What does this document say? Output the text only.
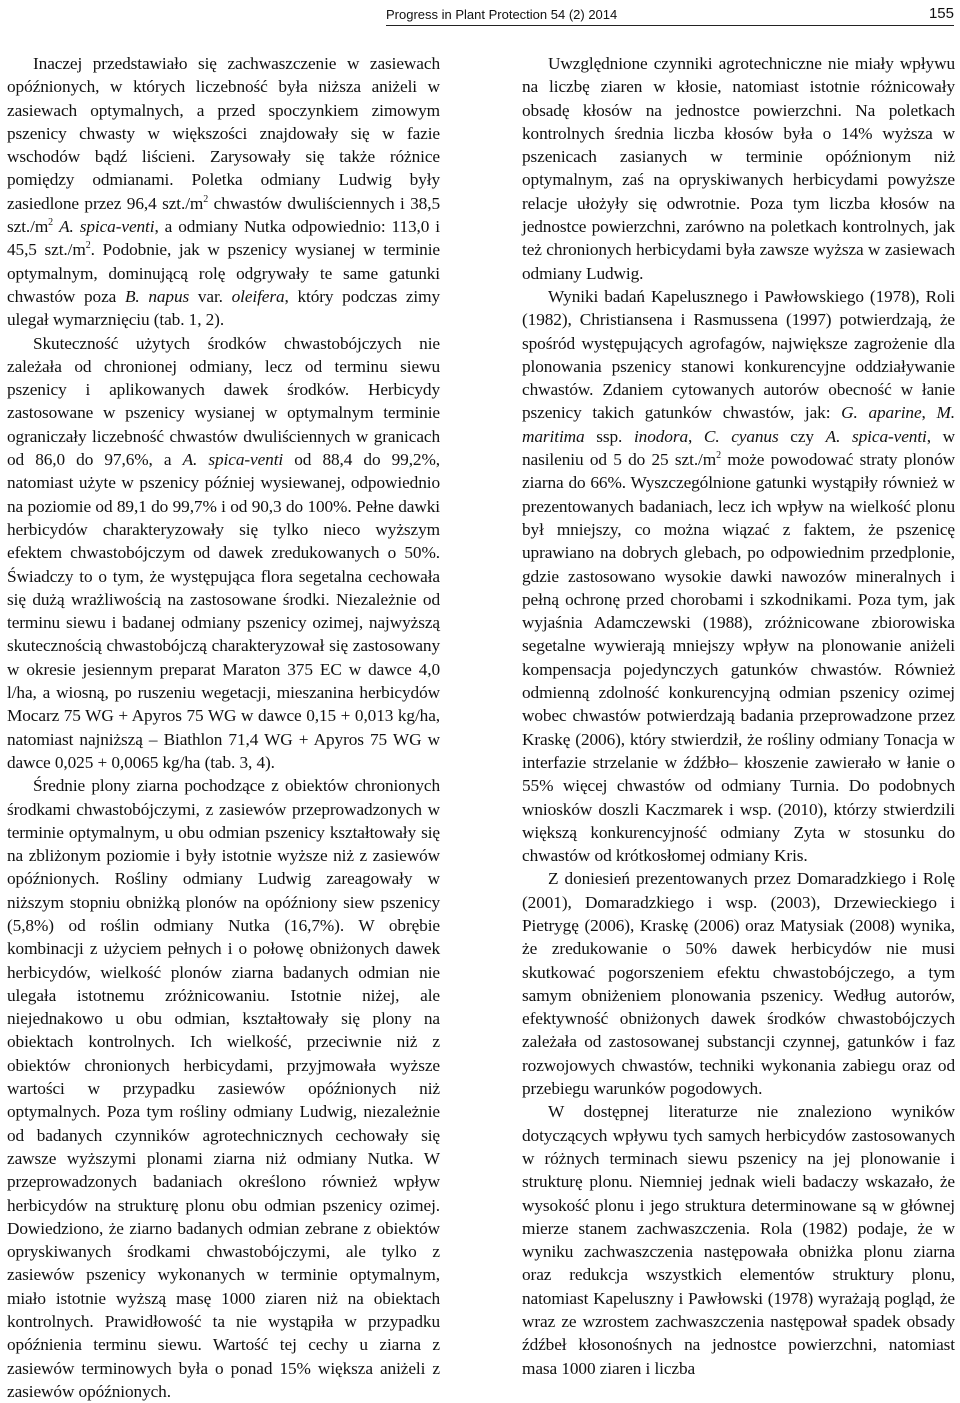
Progress in Plant Protection 54 (2) 2014	155

Inaczej przedstawiało się zachwaszczenie w zasiewach opóźnionych, w których liczebność była niższa aniżeli w zasiewach optymalnych, a przed spoczynkiem zimowym pszenicy chwasty w większości znajdowały się w fazie wschodów bądź liścieni. Zarysowały się także różnice pomiędzy odmianami. Poletka odmiany Ludwig były zasiedlone przez 96,4 $szt./m^2$ chwastów dwuliściennych i 38,5 $szt./m^2$ A. spica-venti, a odmiany Nutka odpowiednio: 113,0 i 45,5 $szt./m^2$. Podobnie, jak w pszenicy wysianej w terminie optymalnym, dominującą rolę odgrywały te same gatunki chwastów poza B. napus var. oleifera, który podczas zimy ulegał wymarznięciu (tab. 1, 2).

Skuteczność użytych środków chwastobójczych nie zależała od chronionej odmiany, lecz od terminu siewu pszenicy i aplikowanych dawek środków. Herbicydy zastosowane w pszenicy wysianej w optymalnym terminie ograniczały liczebność chwastów dwuliściennych w granicach od 86,0 do 97,6%, a A. spica-venti od 88,4 do 99,2%, natomiast użyte w pszenicy później wysiewanej, odpowiednio na poziomie od 89,1 do 99,7% i od 90,3 do 100%. Pełne dawki herbicydów charakteryzowały się tylko nieco wyższym efektem chwastobójczym od dawek zredukowanych o 50%. Świadczy to o tym, że występująca flora segetalna cechowała się dużą wrażliwością na zastosowane środki. Niezależnie od terminu siewu i badanej odmiany pszenicy ozimej, najwyższą skutecznością chwastobójczą charakteryzował się zastosowany w okresie jesiennym preparat Maraton 375 EC w dawce 4,0 l/ha, a wiosną, po ruszeniu wegetacji, mieszanina herbicydów Mocarz 75 WG + Apyros 75 WG w dawce 0,15 + 0,013 kg/ha, natomiast najniższą – Biathlon 71,4 WG + Apyros 75 WG w dawce 0,025 + 0,0065 kg/ha (tab. 3, 4).

Średnie plony ziarna pochodzące z obiektów chronionych środkami chwastobójczymi, z zasiewów przeprowadzonych w terminie optymalnym, u obu odmian pszenicy kształtowały się na zbliżonym poziomie i były istotnie wyższe niż z zasiewów opóźnionych. Rośliny odmiany Ludwig zareagowały w niższym stopniu obniżką plonów na opóźniony siew pszenicy (5,8%) od roślin odmiany Nutka (16,7%). W obrębie kombinacji z użyciem pełnych i o połowę obniżonych dawek herbicydów, wielkość plonów ziarna badanych odmian nie ulegała istotnemu zróżnicowaniu. Istotnie niżej, ale niejednakowo u obu odmian, kształtowały się plony na obiektach kontrolnych. Ich wielkość, przeciwnie niż z obiektów chronionych herbicydami, przyjmowała wyższe wartości w przypadku zasiewów opóźnionych niż optymalnych. Poza tym rośliny odmiany Ludwig, niezależnie od badanych czynników agrotechnicznych cechowały się zawsze wyższymi plonami ziarna niż odmiany Nutka. W przeprowadzonych badaniach określono również wpływ herbicydów na strukturę plonu obu odmian pszenicy ozimej. Dowiedziono, że ziarno badanych odmian zebrane z obiektów opryskiwanych środkami chwastobójczymi, ale tylko z zasiewów pszenicy wykonanych w terminie optymalnym, miało istotnie wyższą masę 1000 ziaren niż na obiektach kontrolnych. Prawidłowość ta nie wystąpiła w przypadku opóźnienia terminu siewu. Wartość tej cechy u ziarna z zasiewów terminowych była o ponad 15% większa aniżeli z zasiewów opóźnionych.

Uwzględnione czynniki agrotechniczne nie miały wpływu na liczbę ziaren w kłosie, natomiast istotnie różnicowały obsadę kłosów na jednostce powierzchni. Na poletkach kontrolnych średnia liczba kłosów była o 14% wyższa w pszenicach zasianych w terminie opóźnionym niż optymalnym, zaś na opryskiwanych herbicydami powyższe relacje ułożyły się odwrotnie. Poza tym liczba kłosów na jednostce powierzchni, zarówno na poletkach kontrolnych, jak też chronionych herbicydami była zawsze wyższa w zasiewach odmiany Ludwig.

Wyniki badań Kapelusznego i Pawłowskiego (1978), Roli (1982), Christiansena i Rasmussena (1997) potwierdzają, że spośród występujących agrofagów, największe zagrożenie dla plonowania pszenicy stanowi konkurencyjne oddziaływanie chwastów. Zdaniem cytowanych autorów obecność w łanie pszenicy takich gatunków chwastów, jak: G. aparine, M. maritima ssp. inodora, C. cyanus czy A. spica-venti, w nasileniu od 5 do 25 $szt./m^2$ może powodować straty plonów ziarna do 66%. Wyszczególnione gatunki wystąpiły również w prezentowanych badaniach, lecz ich wpływ na wielkość plonu był mniejszy, co można wiązać z faktem, że pszenicę uprawiano na dobrych glebach, po odpowiednim przedplonie, gdzie zastosowano wysokie dawki nawozów mineralnych i pełną ochronę przed chorobami i szkodnikami. Poza tym, jak wyjaśnia Adamczewski (1988), zróżnicowane zbiorowiska segetalne wywierają mniejszy wpływ na plonowanie aniżeli kompensacja pojedynczych gatunków chwastów. Również odmienną zdolność konkurencyjną odmian pszenicy ozimej wobec chwastów potwierdzają badania przeprowadzone przez Kraskę (2006), który stwierdził, że rośliny odmiany Tonacja w interfazie strzelanie w źdźbło– kłoszenie zawierało w łanie o 55% więcej chwastów od odmiany Turnia. Do podobnych wniosków doszli Kaczmarek i wsp. (2010), którzy stwierdzili większą konkurencyjność odmiany Zyta w stosunku do chwastów od krótkosłomej odmiany Kris.

Z doniesień prezentowanych przez Domaradzkiego i Rolę (2001), Domaradzkiego i wsp. (2003), Drzewieckiego i Pietrygę (2006), Kraskę (2006) oraz Matysiak (2008) wynika, że zredukowanie o 50% dawek herbicydów nie musi skutkować pogorszeniem efektu chwastobójczego, a tym samym obniżeniem plonowania pszenicy. Według autorów, efektywność obniżonych dawek środków chwastobójczych zależała od zastosowanej substancji czynnej, gatunków i faz rozwojowych chwastów, techniki wykonania zabiegu oraz od przebiegu warunków pogodowych.

W dostępnej literaturze nie znaleziono wyników dotyczących wpływu tych samych herbicydów zastosowanych w różnych terminach siewu pszenicy na jej plonowanie i strukturę plonu. Niemniej jednak wieli badaczy wskazało, że wysokość plonu i jego struktura determinowane są w głównej mierze stanem zachwaszczenia. Rola (1982) podaje, że w wyniku zachwaszczenia następowała obniżka plonu ziarna oraz redukcja wszystkich elementów struktury plonu, natomiast Kapeluszny i Pawłowski (1978) wyrażają pogląd, że wraz ze wzrostem zachwaszczenia następował spadek obsady źdźbeł kłosonośnych na jednostce powierzchni, natomiast masa 1000 ziaren i liczba
